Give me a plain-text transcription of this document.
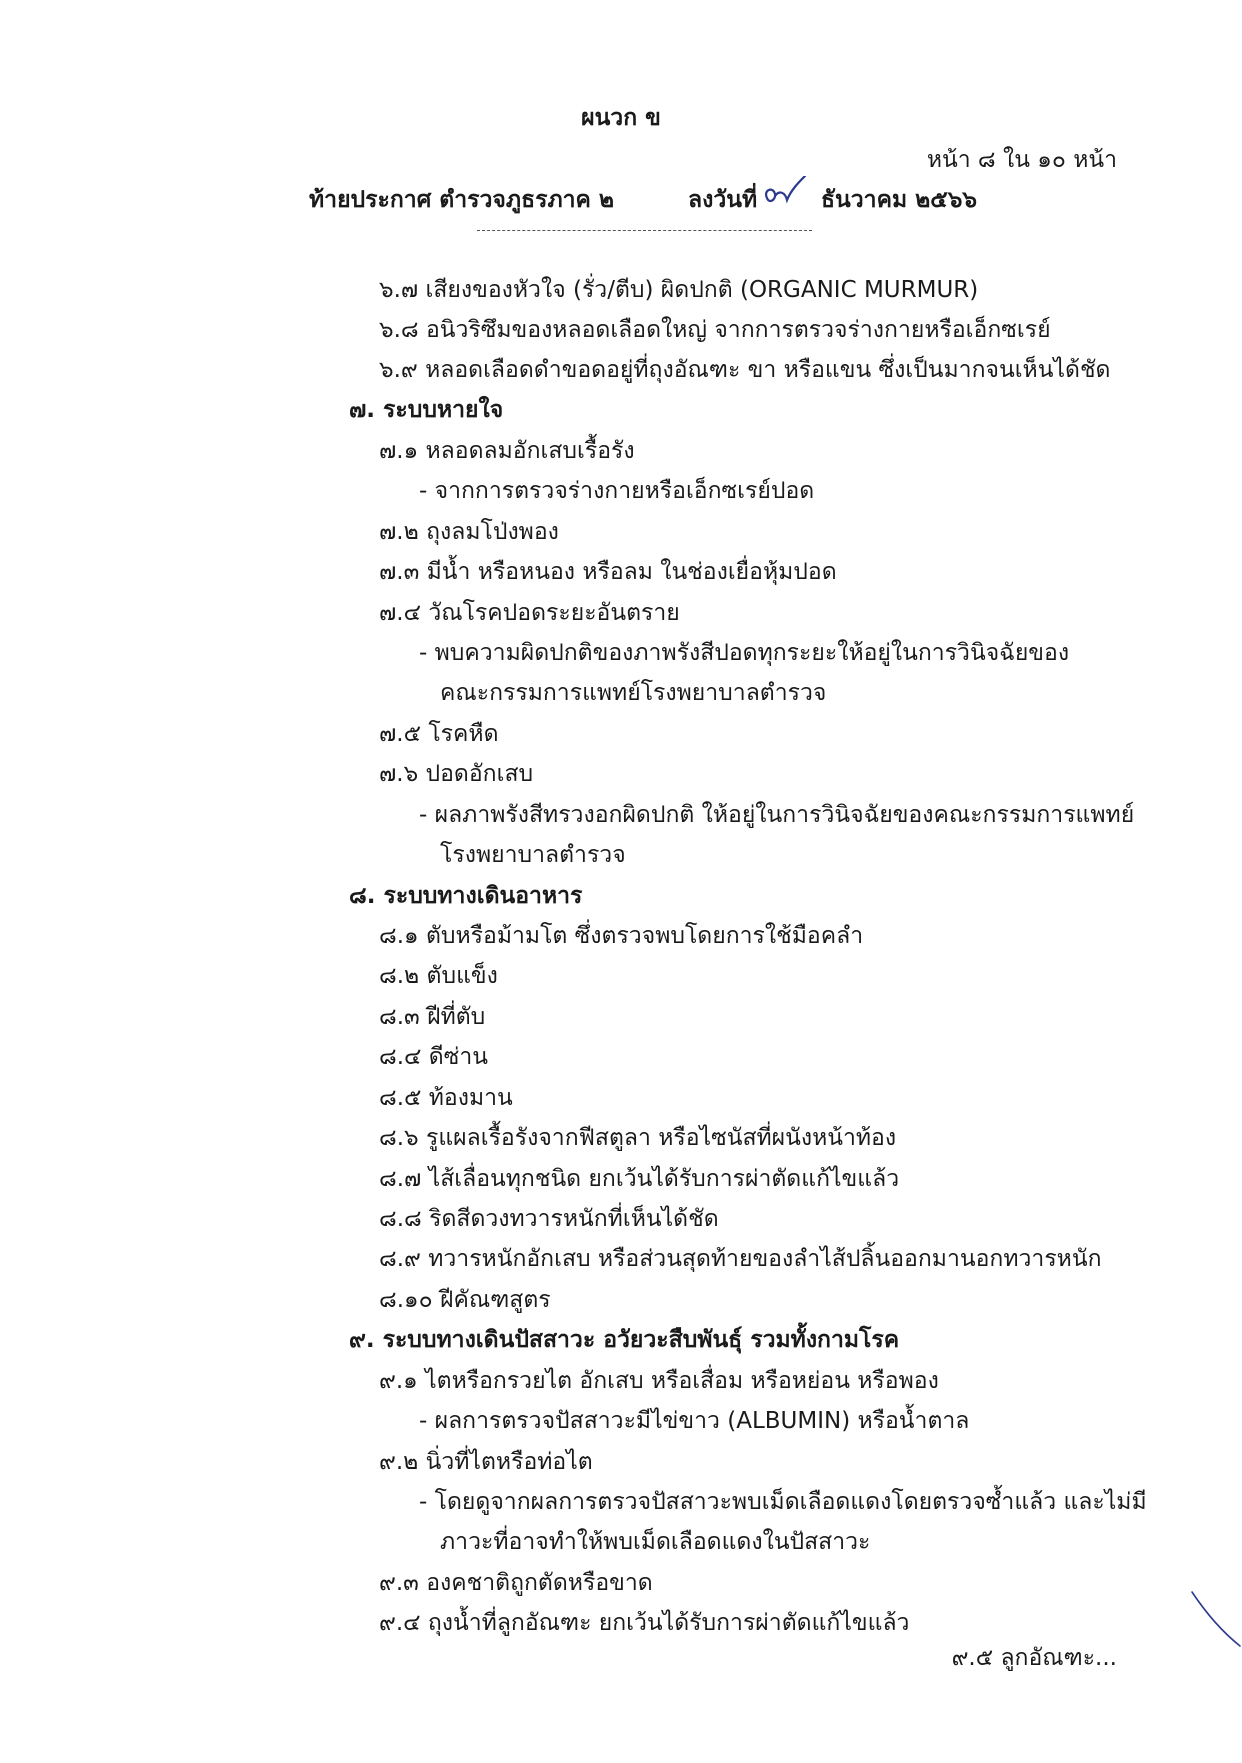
ผนวก ข
หน้า ๘ ใน ๑๐ หน้า
ท้ายประกาศ ตำรวจภูธรภาค ๒	ลงวันที่	ธันวาคม ๒๕๖๖
๖.๗ เสียงของหัวใจ (รั่ว/ตีบ) ผิดปกติ (ORGANIC MURMUR)
๖.๘ อนิวริซึมของหลอดเลือดใหญ่ จากการตรวจร่างกายหรือเอ็กซเรย์
๖.๙ หลอดเลือดดำขอดอยู่ที่ถุงอัณฑะ ขา หรือแขน ซึ่งเป็นมากจนเห็นได้ชัด
๗. ระบบหายใจ
๗.๑ หลอดลมอักเสบเรื้อรัง
- จากการตรวจร่างกายหรือเอ็กซเรย์ปอด
๗.๒ ถุงลมโป่งพอง
๗.๓ มีน้ำ หรือหนอง หรือลม ในช่องเยื่อหุ้มปอด
๗.๔ วัณโรคปอดระยะอันตราย
- พบความผิดปกติของภาพรังสีปอดทุกระยะให้อยู่ในการวินิจฉัยของ
คณะกรรมการแพทย์โรงพยาบาลตำรวจ
๗.๕ โรคหืด
๗.๖ ปอดอักเสบ
- ผลภาพรังสีทรวงอกผิดปกติ ให้อยู่ในการวินิจฉัยของคณะกรรมการแพทย์
โรงพยาบาลตำรวจ
๘. ระบบทางเดินอาหาร
๘.๑ ตับหรือม้ามโต ซึ่งตรวจพบโดยการใช้มือคลำ
๘.๒ ตับแข็ง
๘.๓ ฝีที่ตับ
๘.๔ ดีซ่าน
๘.๕ ท้องมาน
๘.๖ รูแผลเรื้อรังจากฟีสตูลา หรือไซนัสที่ผนังหน้าท้อง
๘.๗ ไส้เลื่อนทุกชนิด ยกเว้นได้รับการผ่าตัดแก้ไขแล้ว
๘.๘ ริดสีดวงทวารหนักที่เห็นได้ชัด
๘.๙ ทวารหนักอักเสบ หรือส่วนสุดท้ายของลำไส้ปลิ้นออกมานอกทวารหนัก
๘.๑๐ ฝีคัณฑสูตร
๙. ระบบทางเดินปัสสาวะ อวัยวะสืบพันธุ์ รวมทั้งกามโรค
๙.๑ ไตหรือกรวยไต อักเสบ หรือเสื่อม หรือหย่อน หรือพอง
- ผลการตรวจปัสสาวะมีไข่ขาว (ALBUMIN) หรือน้ำตาล
๙.๒ นิ่วที่ไตหรือท่อไต
- โดยดูจากผลการตรวจปัสสาวะพบเม็ดเลือดแดงโดยตรวจซ้ำแล้ว และไม่มี
ภาวะที่อาจทำให้พบเม็ดเลือดแดงในปัสสาวะ
๙.๓ องคชาติถูกตัดหรือขาด
๙.๔ ถุงน้ำที่ลูกอัณฑะ ยกเว้นได้รับการผ่าตัดแก้ไขแล้ว
๙.๕ ลูกอัณฑะ...
